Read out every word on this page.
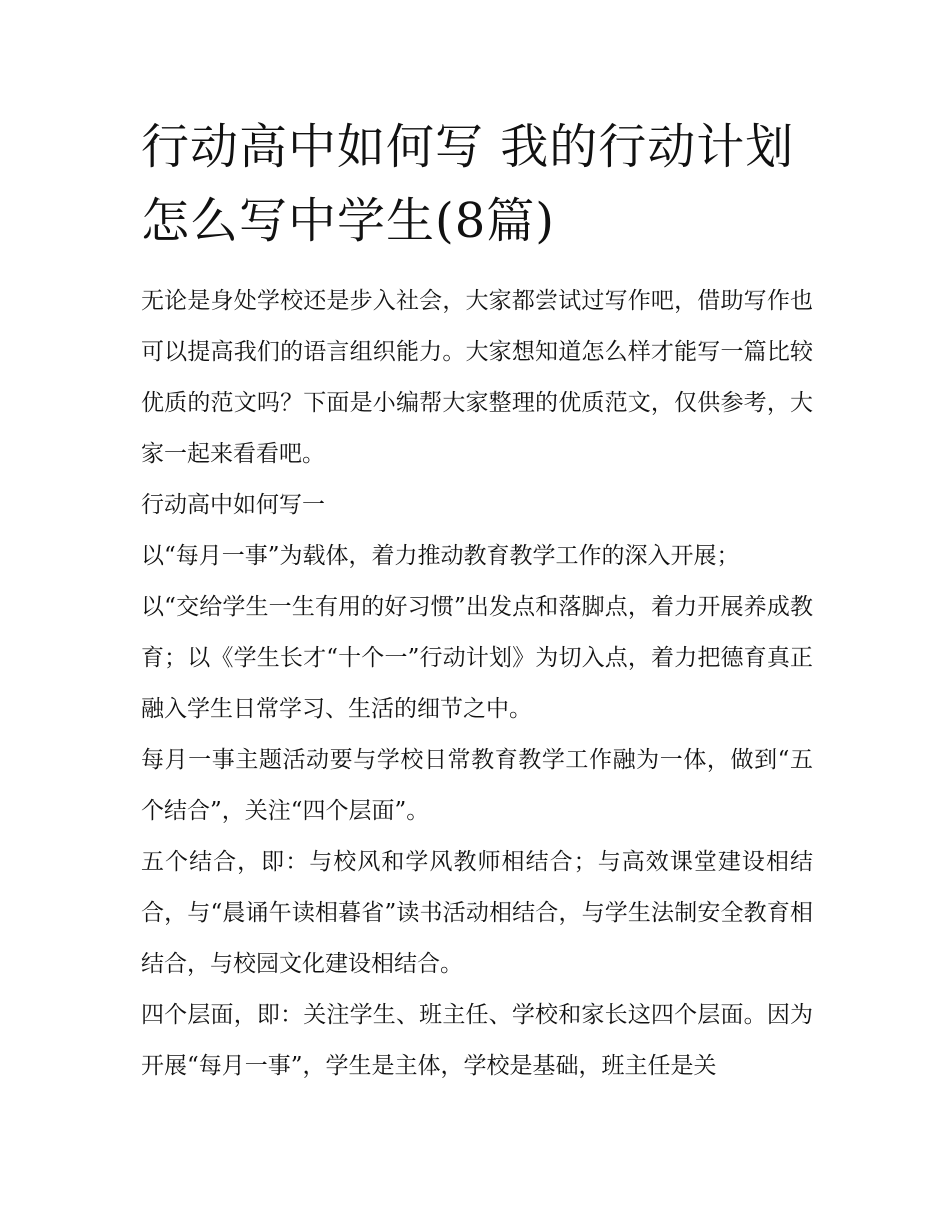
行动高中如何写 我的行动计划怎么写中学生(8篇)

无论是身处学校还是步入社会，大家都尝试过写作吧，借助写作也可以提高我们的语言组织能力。大家想知道怎么样才能写一篇比较优质的范文吗？下面是小编帮大家整理的优质范文，仅供参考，大家一起来看看吧。

行动高中如何写一

以“每月一事”为载体，着力推动教育教学工作的深入开展；

以“交给学生一生有用的好习惯”出发点和落脚点，着力开展养成教育；以《学生长才“十个一”行动计划》为切入点，着力把德育真正融入学生日常学习、生活的细节之中。

每月一事主题活动要与学校日常教育教学工作融为一体，做到“五个结合”，关注“四个层面”。

五个结合，即：与校风和学风教师相结合；与高效课堂建设相结合，与“晨诵午读相暮省”读书活动相结合，与学生法制安全教育相结合，与校园文化建设相结合。

四个层面，即：关注学生、班主任、学校和家长这四个层面。因为开展“每月一事”，学生是主体，学校是基础，班主任是关
